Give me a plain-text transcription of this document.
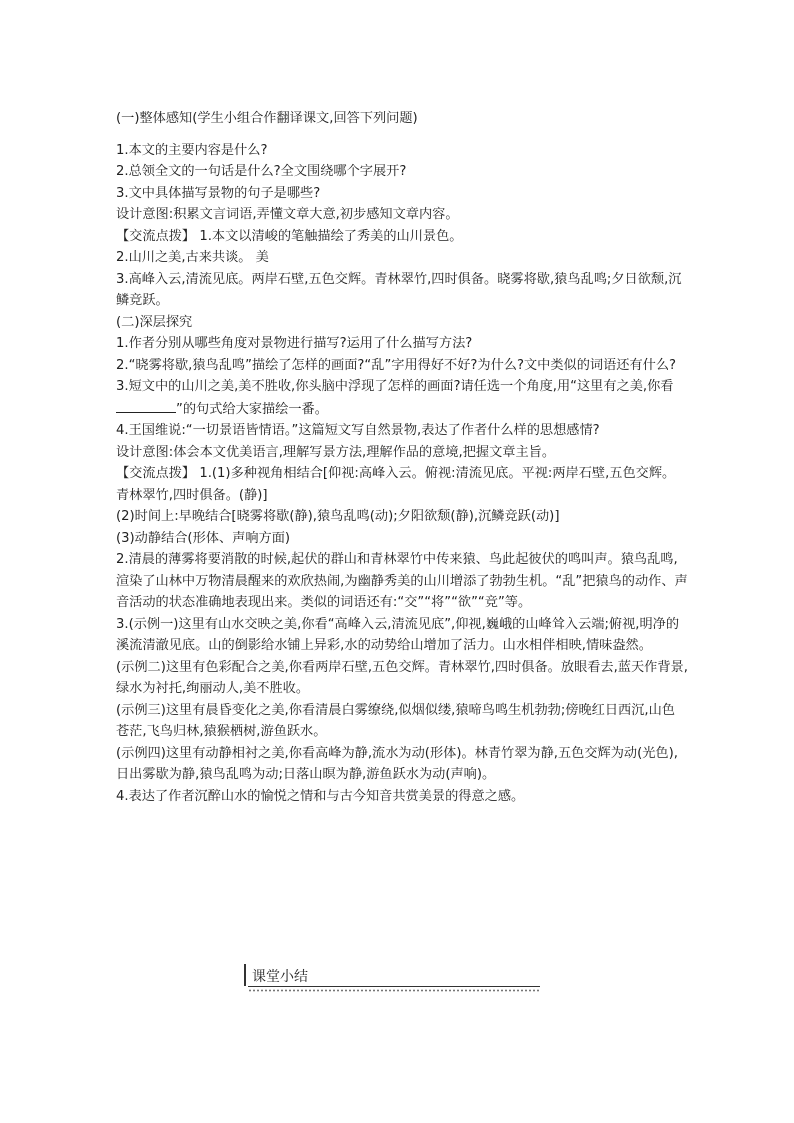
(一)整体感知(学生小组合作翻译课文,回答下列问题)

1.本文的主要内容是什么?

2.总领全文的一句话是什么?全文围绕哪个字展开?

3.文中具体描写景物的句子是哪些?

设计意图:积累文言词语,弄懂文章大意,初步感知文章内容。

【交流点拨】 1.本文以清峻的笔触描绘了秀美的山川景色。

2.山川之美,古来共谈。 美

3.高峰入云,清流见底。两岸石壁,五色交辉。青林翠竹,四时俱备。晓雾将歇,猿鸟乱鸣;夕日欲颓,沉鳞竞跃。

(二)深层探究

1.作者分别从哪些角度对景物进行描写?运用了什么描写方法?

2.“晓雾将歇,猿鸟乱鸣”描绘了怎样的画面?“乱”字用得好不好?为什么?文中类似的词语还有什么?

3.短文中的山川之美,美不胜收,你头脑中浮现了怎样的画面?请任选一个角度,用“这里有之美,你看”的句式给大家描绘一番。

4.王国维说:“一切景语皆情语。”这篇短文写自然景物,表达了作者什么样的思想感情?

设计意图:体会本文优美语言,理解写景方法,理解作品的意境,把握文章主旨。

【交流点拨】 1.(1)多种视角相结合[仰视:高峰入云。俯视:清流见底。平视:两岸石壁,五色交辉。青林翠竹,四时俱备。(静)]

(2)时间上:早晚结合[晓雾将歇(静),猿鸟乱鸣(动);夕阳欲颓(静),沉鳞竞跃(动)]

(3)动静结合(形体、声响方面)

2.清晨的薄雾将要消散的时候,起伏的群山和青林翠竹中传来猿、鸟此起彼伏的鸣叫声。猿鸟乱鸣,渲染了山林中万物清晨醒来的欢欣热闹,为幽静秀美的山川增添了勃勃生机。“乱”把猿鸟的动作、声音活动的状态准确地表现出来。类似的词语还有:“交”“将”“欲”“竞”等。

3.(示例一)这里有山水交映之美,你看“高峰入云,清流见底”,仰视,巍峨的山峰耸入云端;俯视,明净的溪流清澈见底。山的倒影给水铺上异彩,水的动势给山增加了活力。山水相伴相映,情味盎然。

(示例二)这里有色彩配合之美,你看两岸石壁,五色交辉。青林翠竹,四时俱备。放眼看去,蓝天作背景,绿水为衬托,绚丽动人,美不胜收。

(示例三)这里有晨昏变化之美,你看清晨白雾缭绕,似烟似缕,猿啼鸟鸣生机勃勃;傍晚红日西沉,山色苍茫,飞鸟归林,猿猴栖树,游鱼跃水。

(示例四)这里有动静相衬之美,你看高峰为静,流水为动(形体)。林青竹翠为静,五色交辉为动(光色),日出雾歇为静,猿鸟乱鸣为动;日落山暝为静,游鱼跃水为动(声响)。

4.表达了作者沉醉山水的愉悦之情和与古今知音共赏美景的得意之感。

课堂小结
